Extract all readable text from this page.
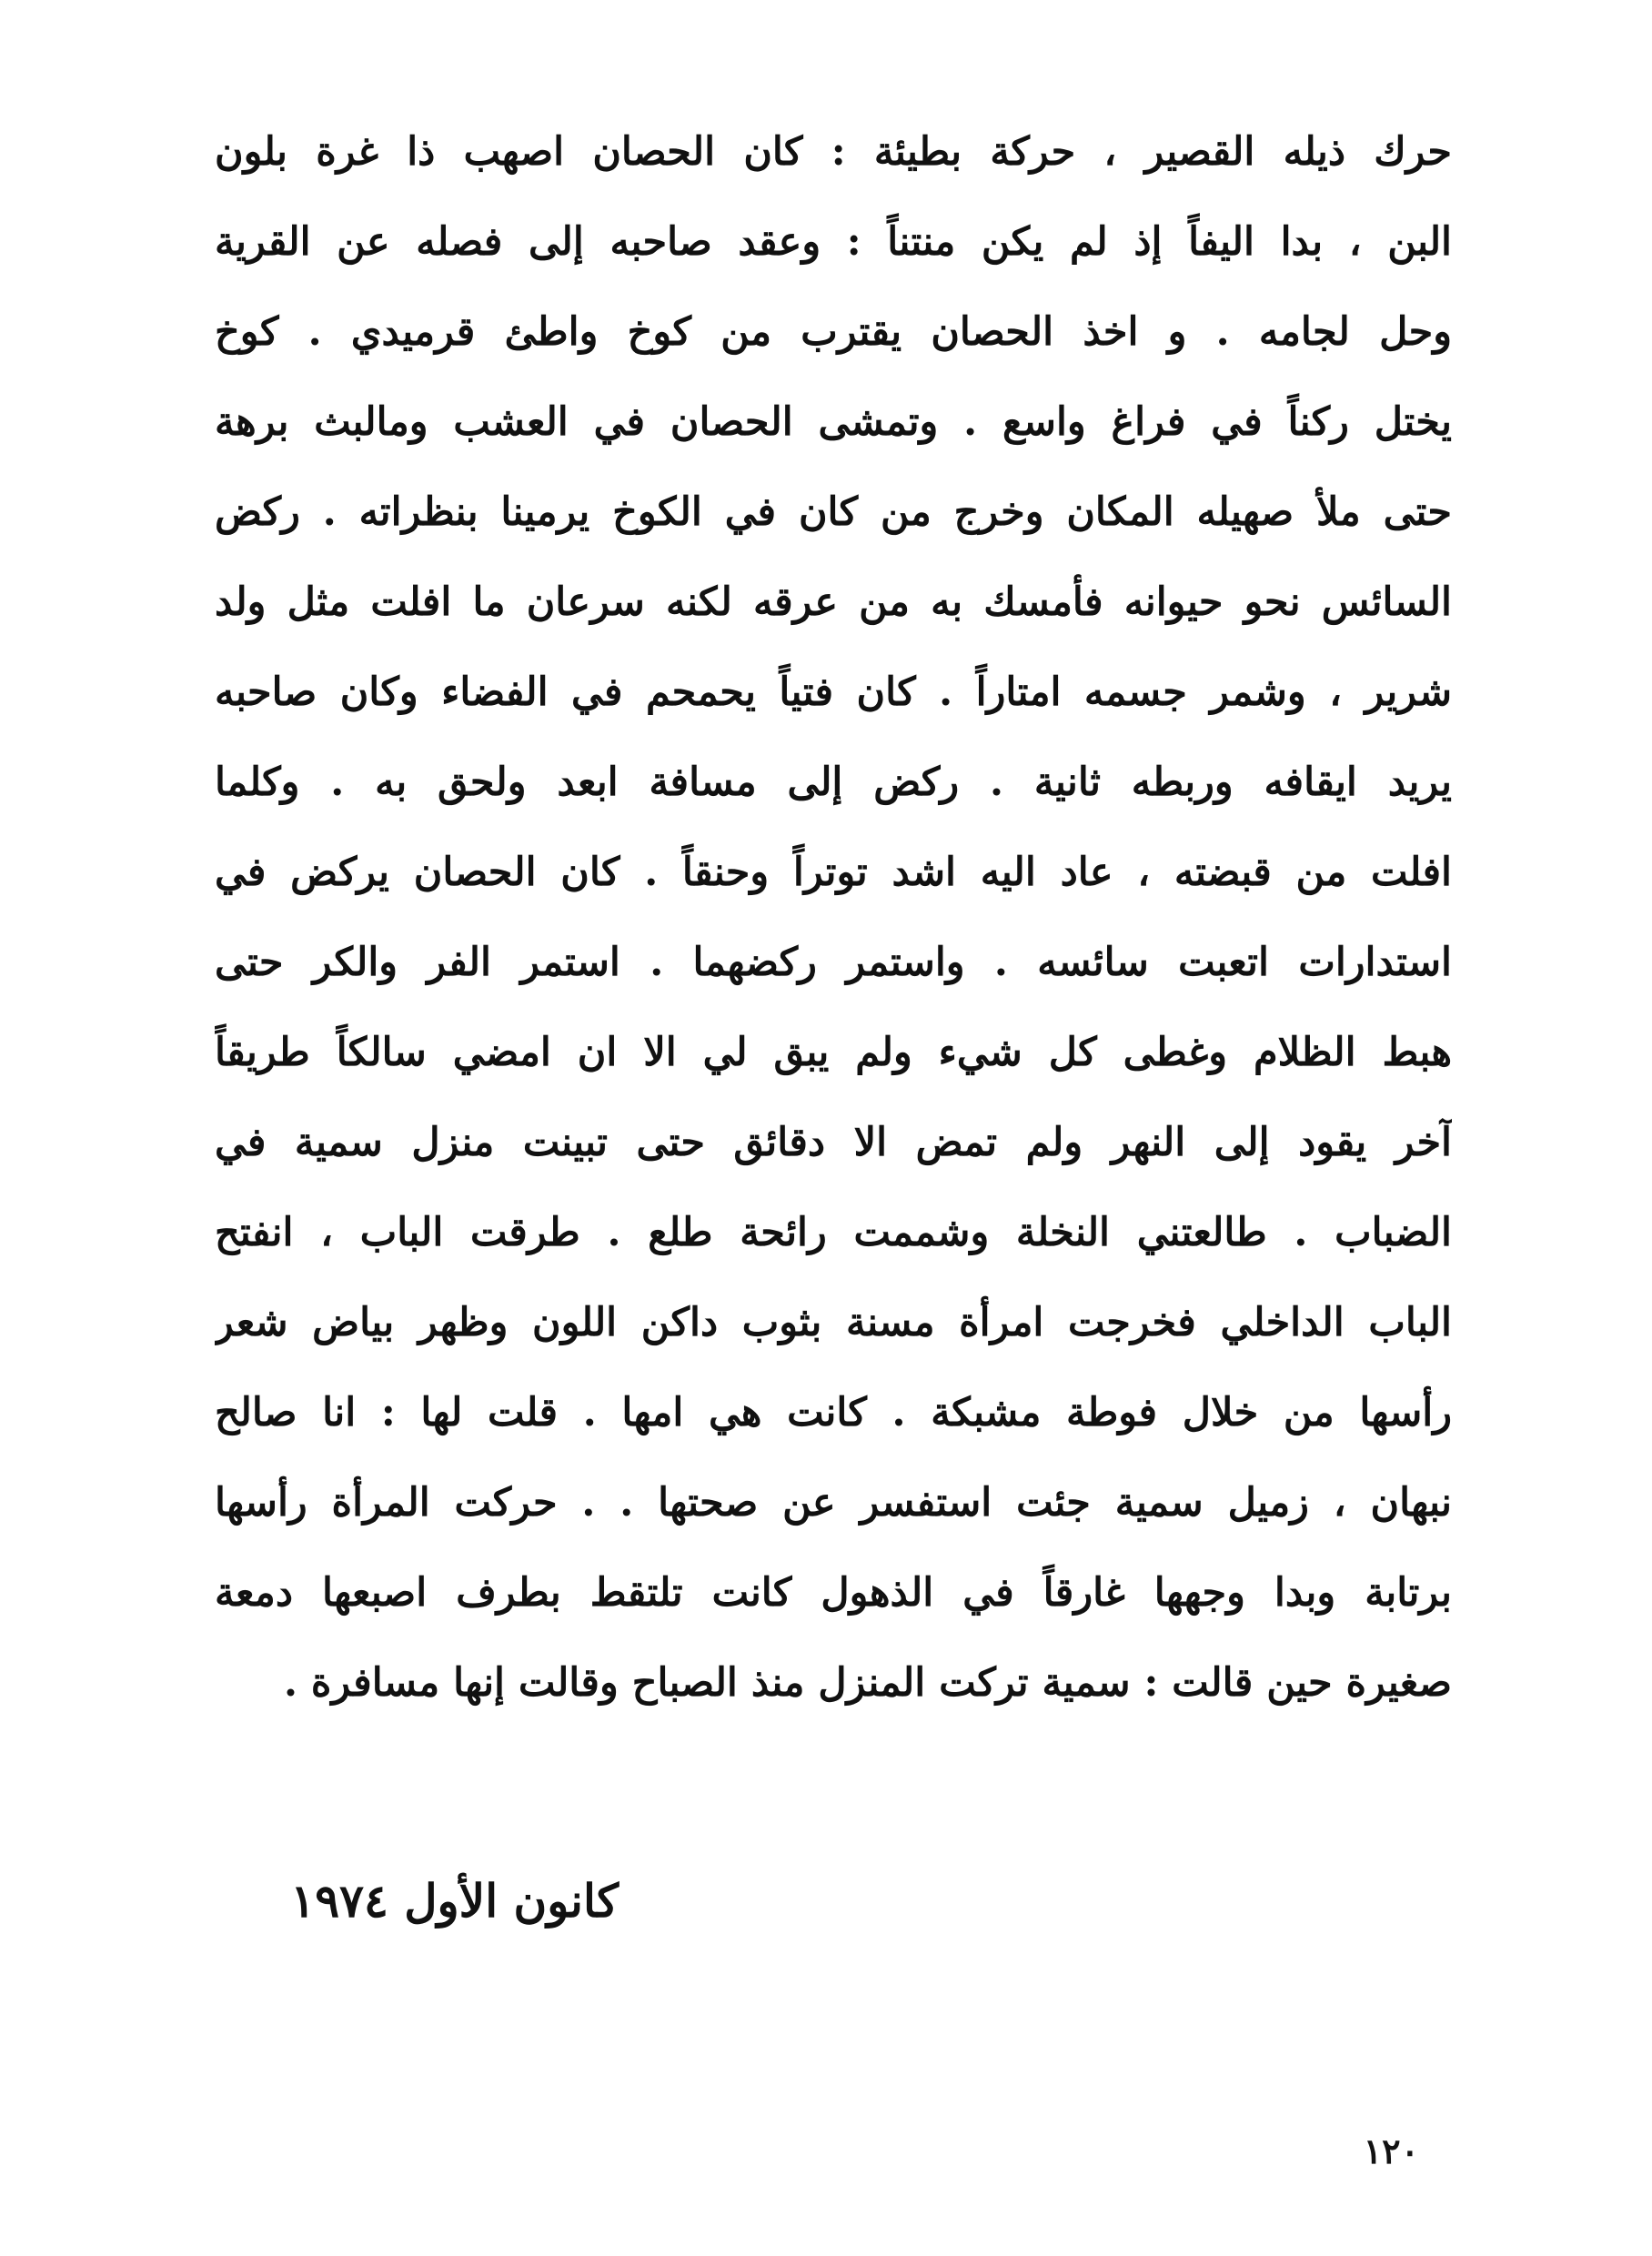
حرك ذيله القصير ، حركة بطيئة : كان الحصان اصهب ذا غرة بلون
البن ، بدا اليفاً إذ لم يكن منتناً : وعقد صاحبه إلى فصله عن القرية
وحل لجامه . و اخذ الحصان يقترب من كوخ واطئ قرميدي . كوخ
يختل ركناً في فراغ واسع . وتمشى الحصان في العشب ومالبث برهة
حتى ملأ صهيله المكان وخرج من كان في الكوخ يرمينا بنظراته . ركض
السائس نحو حيوانه فأمسك به من عرقه لكنه سرعان ما افلت مثل ولد
شرير ، وشمر جسمه امتاراً . كان فتياً يحمحم في الفضاء وكان صاحبه
يريد ايقافه وربطه ثانية . ركض إلى مسافة ابعد ولحق به . وكلما
افلت من قبضته ، عاد اليه اشد توتراً وحنقاً . كان الحصان يركض في
استدارات اتعبت سائسه . واستمر ركضهما . استمر الفر والكر حتى
هبط الظلام وغطى كل شيء ولم يبق لي الا ان امضي سالكاً طريقاً
آخر يقود إلى النهر ولم تمض الا دقائق حتى تبينت منزل سمية في
الضباب . طالعتني النخلة وشممت رائحة طلع . طرقت الباب ، انفتح
الباب الداخلي فخرجت امرأة مسنة بثوب داكن اللون وظهر بياض شعر
رأسها من خلال فوطة مشبكة . كانت هي امها . قلت لها : انا صالح
نبهان ، زميل سمية جئت استفسر عن صحتها . . حركت المرأة رأسها
برتابة وبدا وجهها غارقاً في الذهول كانت تلتقط بطرف اصبعها دمعة
صغيرة حين قالت : سمية تركت المنزل منذ الصباح وقالت إنها مسافرة .
كانون الأول ١٩٧٤
١٢٠
